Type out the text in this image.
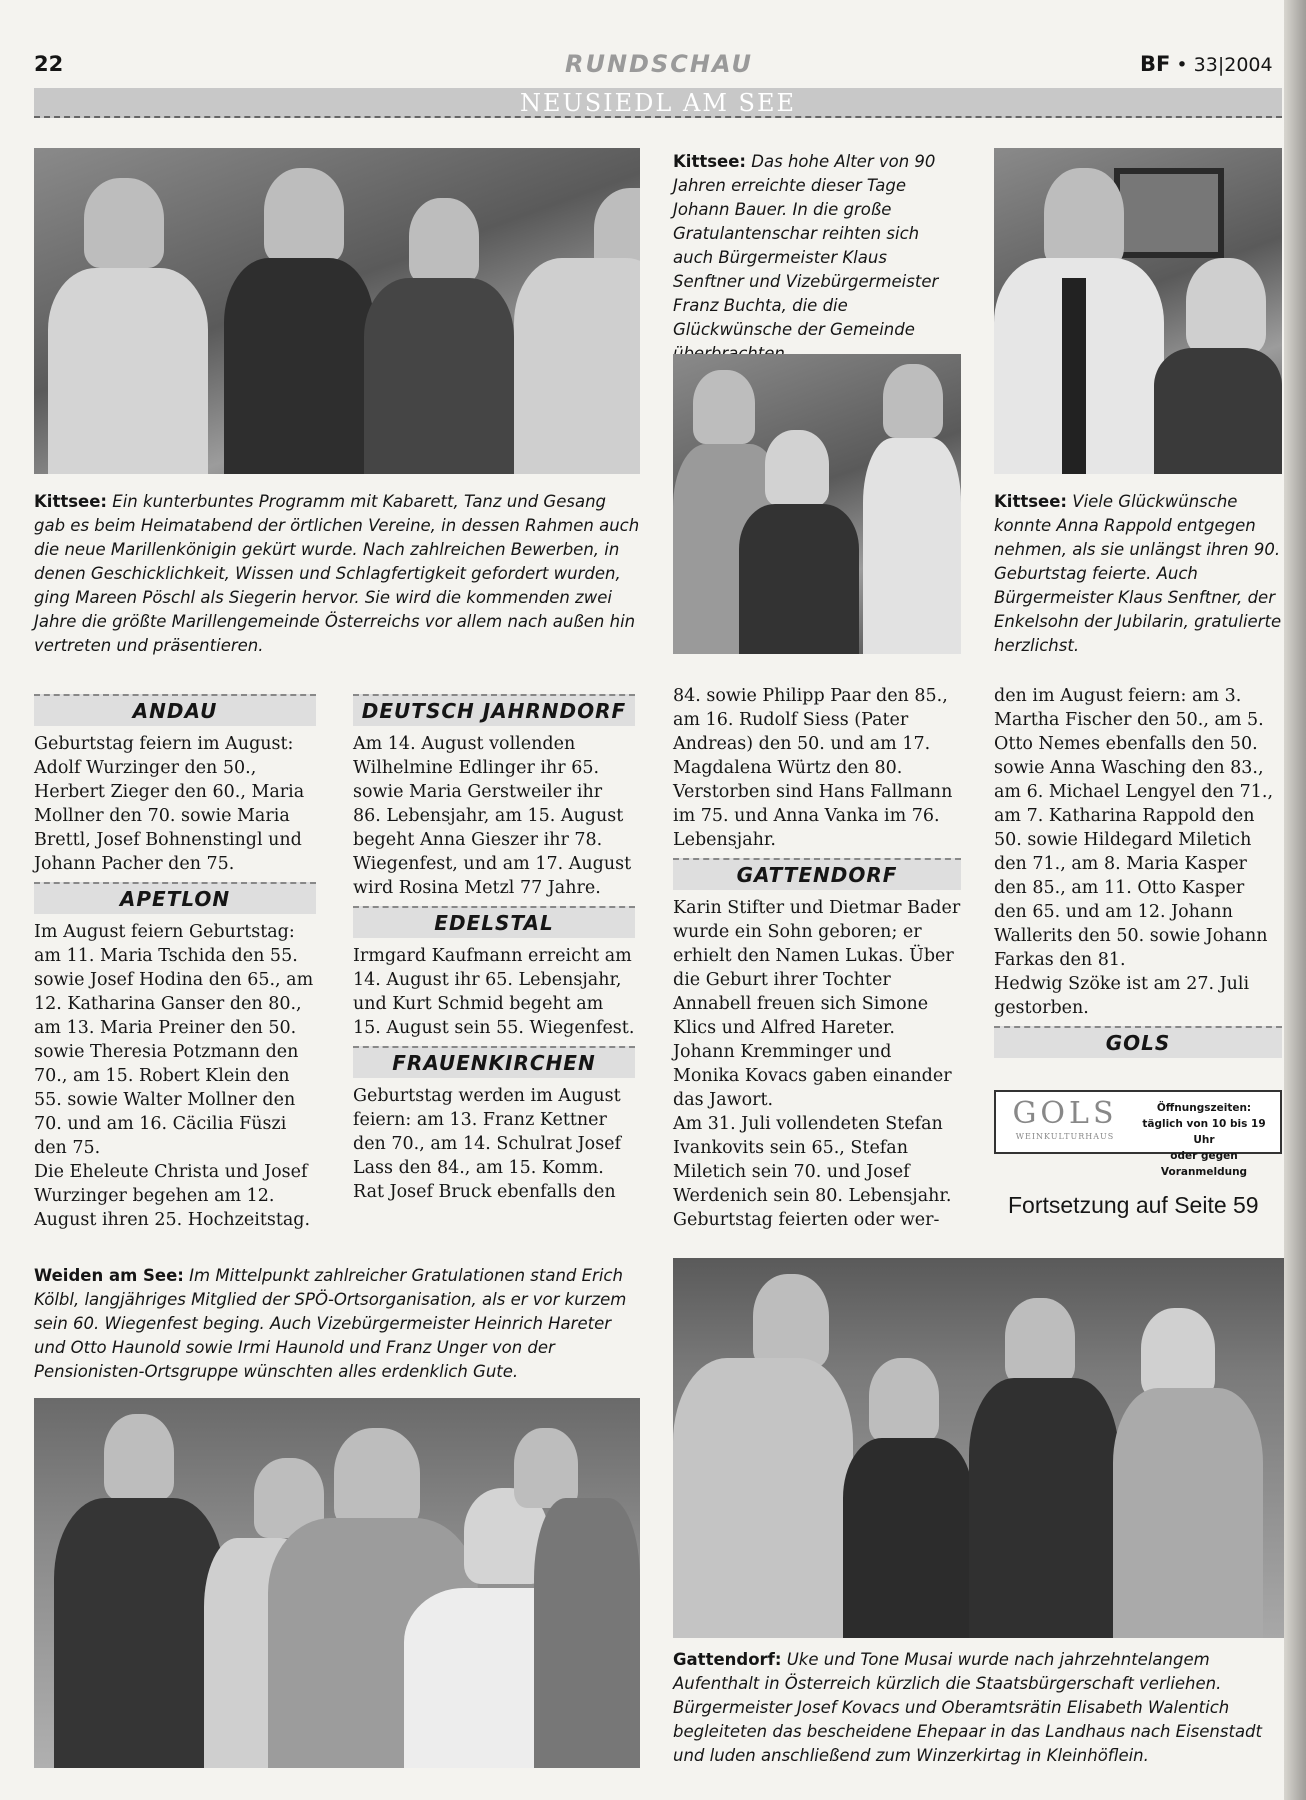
22	RUNDSCHAU	BF • 33|2004
NEUSIEDL AM SEE
Kittsee: Ein kunterbuntes Programm mit Kabarett, Tanz und Gesang gab es beim Heimatabend der örtlichen Vereine, in dessen Rahmen auch die neue Marillenkönigin gekürt wurde. Nach zahlreichen Bewerben, in denen Geschicklichkeit, Wissen und Schlagfertigkeit gefordert wurden, ging Mareen Pöschl als Siegerin hervor. Sie wird die kommenden zwei Jahre die größte Marillengemeinde Österreichs vor allem nach außen hin vertreten und präsentieren.
Kittsee: Das hohe Alter von 90 Jahren erreichte dieser Tage Johann Bauer. In die große Gratulantenschar reihten sich auch Bürgermeister Klaus Senftner und Vizebürgermeister Franz Buchta, die die Glückwünsche der Gemeinde
Kittsee: Viele Glückwünsche konnte Anna Rappold entgegen nehmen, als sie unlängst ihren 90. Geburtstag feierte. Auch Bürgermeister Klaus Senftner, der Enkelsohn der Jubilarin, gratulierte herzlichst.
ANDAU

Geburtstag feiern im August: Adolf Wurzinger den 50., Herbert Zieger den 60., Maria Mollner den 70. sowie Maria Brettl, Josef Bohnenstingl und Johann Pacher den 75.

APETLON

Im August feiern Geburtstag: am 11. Maria Tschida den 55. sowie Josef Hodina den 65., am 12. Katharina Ganser den 80., am 13. Maria Preiner den 50. sowie Theresia Potzmann den 70., am 15. Robert Klein den 55. sowie Walter Mollner den 70. und am 16. Cäcilia Füszi den 75.

Die Eheleute Christa und Josef Wurzinger begehen am 12. August ihren 25. Hochzeitstag.

DEUTSCH JAHRNDORF

Am 14. August vollenden Wilhelmine Edlinger ihr 65. sowie Maria Gerstweiler ihr 86. Lebensjahr, am 15. August begeht Anna Gieszer ihr 78. Wiegenfest, und am 17. August wird Rosina Metzl 77 Jahre.

EDELSTAL

Irmgard Kaufmann erreicht am 14. August ihr 65. Lebensjahr, und Kurt Schmid begeht am 15. August sein 55. Wiegenfest.

FRAUENKIRCHEN

Geburtstag werden im August feiern: am 13. Franz Kettner den 70., am 14. Schulrat Josef Lass den 84., am 15. Komm. Rat Josef Bruck ebenfalls den

84. sowie Philipp Paar den 85., am 16. Rudolf Siess (Pater Andreas) den 50. und am 17. Magdalena Würtz den 80. Verstorben sind Hans Fallmann im 75. und Anna Vanka im 76. Lebensjahr.

GATTENDORF

Karin Stifter und Dietmar Bader wurde ein Sohn geboren; er erhielt den Namen Lukas. Über die Geburt ihrer Tochter Annabell freuen sich Simone Klics und Alfred Hareter. Johann Kremminger und Monika Kovacs gaben einander das Jawort.

Am 31. Juli vollendeten Stefan Ivankovits sein 65., Stefan Miletich sein 70. und Josef Werdenich sein 80. Lebensjahr. Geburtstag feierten oder wer-

den im August feiern: am 3. Martha Fischer den 50., am 5. Otto Nemes ebenfalls den 50. sowie Anna Wasching den 83., am 6. Michael Lengyel den 71., am 7. Katharina Rappold den 50. sowie Hildegard Miletich den 71., am 8. Maria Kasper den 85., am 11. Otto Kasper den 65. und am 12. Johann Wallerits den 50. sowie Johann Farkas den 81.

Hedwig Szöke ist am 27. Juli gestorben.

GOLS
GOLS
WEINKULTURHAUS
Öffnungszeiten:
täglich von 10 bis 19 Uhr
oder gegen Voranmeldung
Fortsetzung auf Seite 59
Weiden am See: Im Mittelpunkt zahlreicher Gratulationen stand Erich Kölbl, langjähriges Mitglied der SPÖ-Ortsorganisation, als er vor kurzem sein 60. Wiegenfest beging. Auch Vizebürgermeister Heinrich Hareter und Otto Haunold sowie Irmi Haunold und Franz Unger von der Pensionisten-Ortsgruppe wünschten alles erdenklich Gute.
Gattendorf: Uke und Tone Musai wurde nach jahrzehntelangem Aufenthalt in Österreich kürzlich die Staatsbürgerschaft verliehen. Bürgermeister Josef Kovacs und Oberamtsrätin Elisabeth Walentich begleiteten das bescheidene Ehepaar in das Landhaus nach Eisenstadt und luden anschließend zum Winzerkirtag in Kleinhöflein.
